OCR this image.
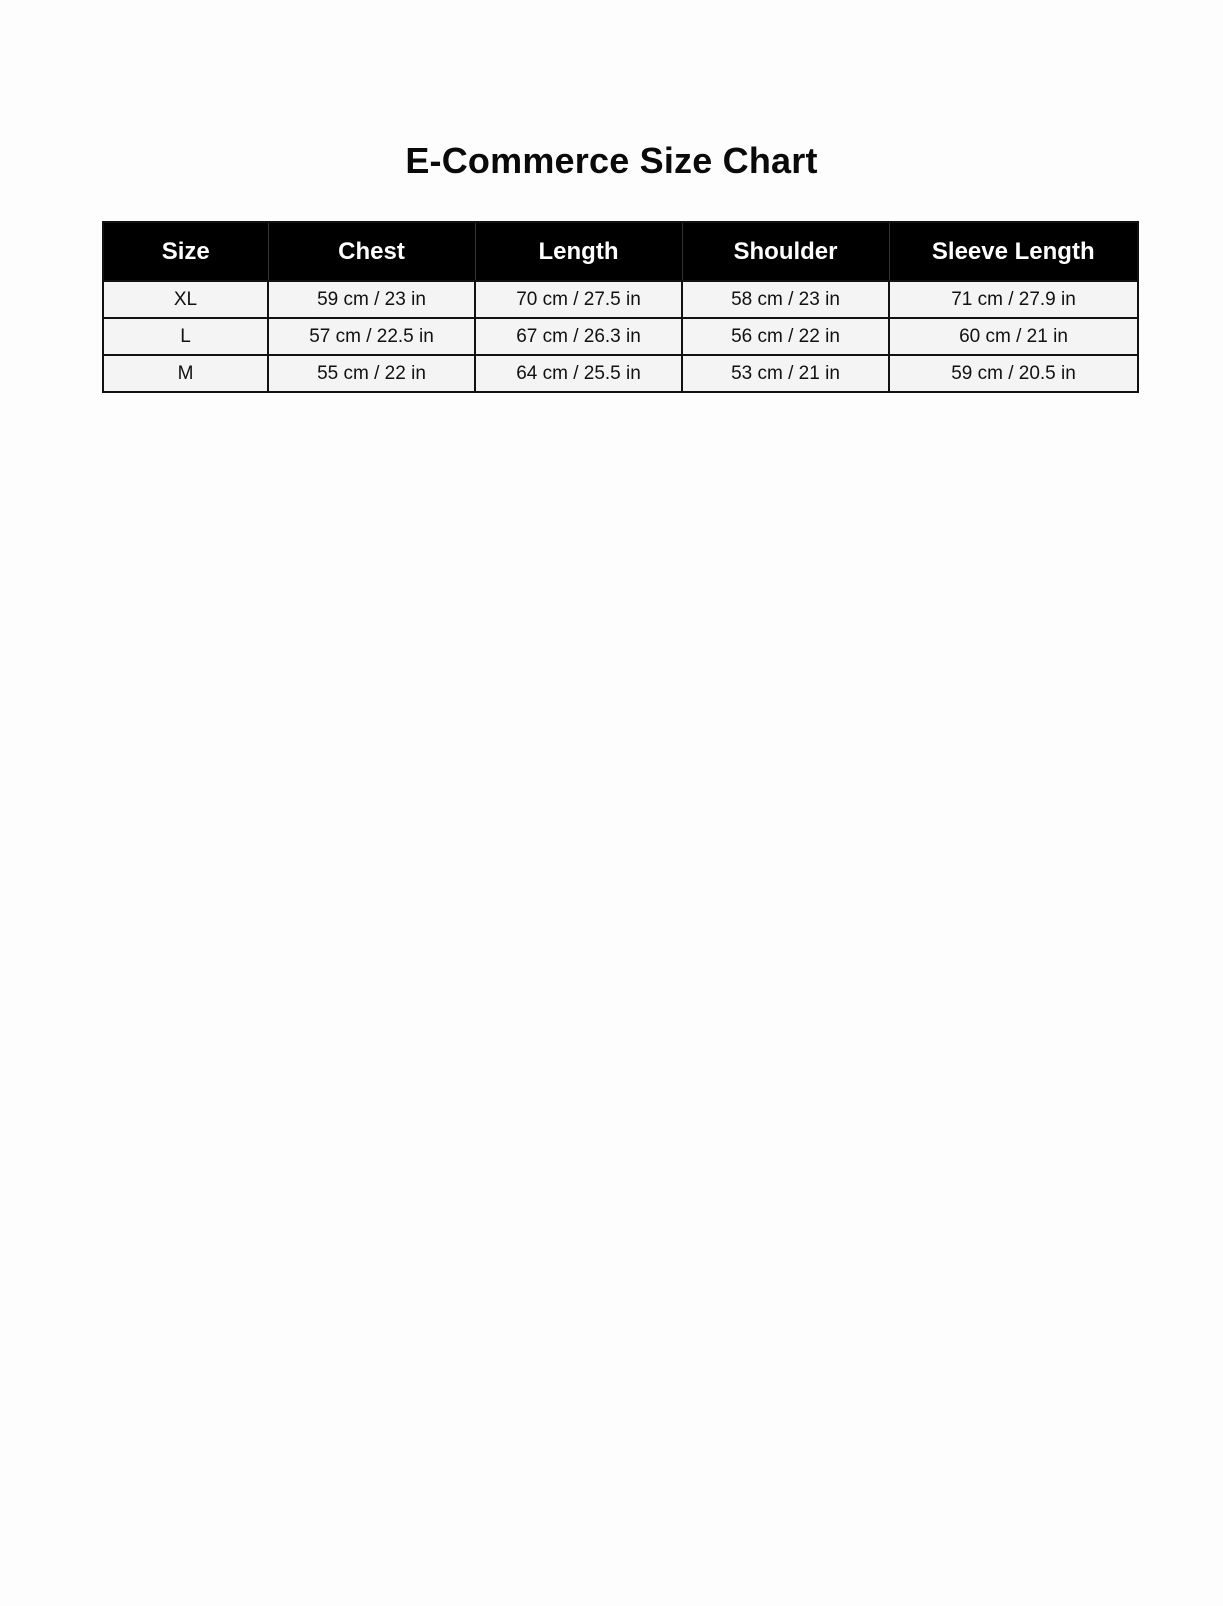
E-Commerce Size Chart
Size	Chest	Length	Shoulder	Sleeve Length
XL	59 cm / 23 in	70 cm / 27.5 in	58 cm / 23 in	71 cm / 27.9 in
L	57 cm / 22.5 in	67 cm / 26.3 in	56 cm / 22 in	60 cm / 21 in
M	55 cm / 22 in	64 cm / 25.5 in	53 cm / 21 in	59 cm / 20.5 in
